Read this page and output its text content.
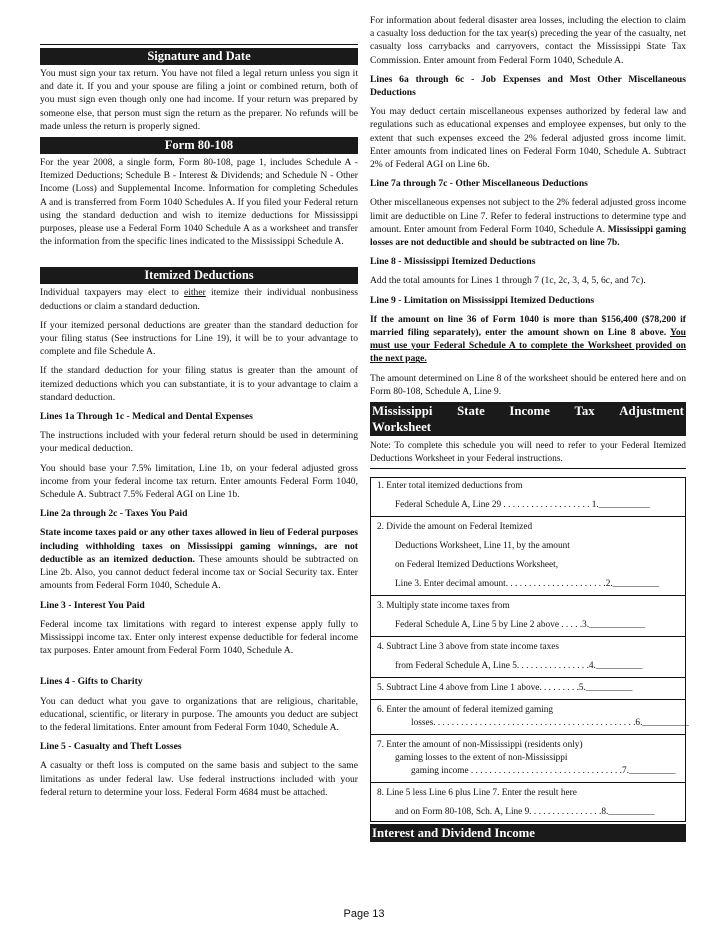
Signature and Date

You must sign your tax return. You have not filed a legal return unless you sign it and date it. If you and your spouse are filing a joint or combined return, both of you must sign even though only one had income. If your return was prepared by someone else, that person must sign the return as the preparer. No refunds will be made unless the return is properly signed.

Form 80-108

For the year 2008, a single form, Form 80-108, page 1, includes Schedule A - Itemized Deductions; Schedule B - Interest & Dividends; and Schedule N - Other Income (Loss) and Supplemental Income. Information for completing Schedules A and is transferred from Form 1040 Schedules A. If you filed your Federal return using the standard deduction and wish to itemize deductions for Mississippi purposes, please use a Federal Form 1040 Schedule A as a worksheet and transfer the information from the specific lines indicated to the Mississippi Schedule A.

Itemized Deductions

Individual taxpayers may elect to either itemize their individual nonbusiness deductions or claim a standard deduction.

If your itemized personal deductions are greater than the standard deduction for your filing status (See instructions for Line 19), it will be to your advantage to complete and file Schedule A.

If the standard deduction for your filing status is greater than the amount of itemized deductions which you can substantiate, it is to your advantage to claim a standard deduction.

Lines 1a Through 1c - Medical and Dental Expenses

The instructions included with your federal return should be used in determining your medical deduction.

You should base your 7.5% limitation, Line 1b, on your federal adjusted gross income from your federal income tax return. Enter amounts Federal Form 1040, Schedule A. Subtract 7.5% Federal AGI on Line 1b.

Line 2a through 2c - Taxes You Paid

State income taxes paid or any other taxes allowed in lieu of Federal purposes including withholding taxes on Mississippi gaming winnings, are not deductible as an itemized deduction. These amounts should be subtracted on Line 2b. Also, you cannot deduct federal income tax or Social Security tax. Enter amounts from Federal Form 1040, Schedule A.

Line 3 - Interest You Paid

Federal income tax limitations with regard to interest expense apply fully to Mississippi income tax. Enter only interest expense deductible for federal income tax purposes. Enter amount from Federal Form 1040, Schedule A.

Lines 4 - Gifts to Charity

You can deduct what you gave to organizations that are religious, charitable, educational, scientific, or literary in purpose. The amounts you deduct are subject to the federal limitations. Enter amount from Federal Form 1040, Schedule A.

Line 5 - Casualty and Theft Losses

A casualty or theft loss is computed on the same basis and subject to the same limitations as under federal law. Use federal instructions included with your federal return to determine your loss. Federal Form 4684 must be attached.

For information about federal disaster area losses, including the election to claim a casualty loss deduction for the tax year(s) preceding the year of the casualty, net casualty loss carrybacks and carryovers, contact the Mississippi State Tax Commission. Enter amount from Federal Form 1040, Schedule A.

Lines 6a through 6c - Job Expenses and Most Other Miscellaneous Deductions

You may deduct certain miscellaneous expenses authorized by federal law and regulations such as educational expenses and employee expenses, but only to the extent that such expenses exceed the 2% federal adjusted gross income limit. Enter amounts from indicated lines on Federal Form 1040, Schedule A. Subtract 2% of Federal AGI on Line 6b.

Line 7a through 7c - Other Miscellaneous Deductions

Other miscellaneous expenses not subject to the 2% federal adjusted gross income limit are deductible on Line 7. Refer to federal instructions to determine type and amount. Enter amount from Federal Form 1040, Schedule A. Mississippi gaming losses are not deductible and should be subtracted on line 7b.

Line 8 - Mississippi Itemized Deductions

Add the total amounts for Lines 1 through 7 (1c, 2c, 3, 4, 5, 6c, and 7c).

Line 9 - Limitation on Mississippi Itemized Deductions

If the amount on line 36 of Form 1040 is more than $156,400 ($78,200 if married filing separately), enter the amount shown on Line 8 above. You must use your Federal Schedule A to complete the Worksheet provided on the next page.

The amount determined on Line 8 of the worksheet should be entered here and on Form 80-108, Schedule A, Line 9.

Mississippi State Income Tax Adjustment
Worksheet

Note: To complete this schedule you will need to refer to your Federal Itemized Deductions Worksheet in your Federal instructions.

1. Enter total itemized deductions from

Federal Schedule A, Line 29 . . . . . . . . . . . . . . . . . . . 1.___________

2. Divide the amount on Federal Itemized

Deductions Worksheet, Line 11, by the amount

on Federal Itemized Deductions Worksheet,

Line 3. Enter decimal amount. . . . . . . . . . . . . . . . . . . . . .2.__________

3. Multiply state income taxes from

Federal Schedule A, Line 5 by Line 2 above . . . . .3.____________

4. Subtract Line 3 above from state income taxes

from Federal Schedule A, Line 5. . . . . . . . . . . . . . . .4.__________

5. Subtract Line 4 above from Line 1 above. . . . . . . . .5.__________

6. Enter the amount of federal itemized gaming

losses. . . . . . . . . . . . . . . . . . . . . . . . . . . . . . . . . . . . . . . . . . . .6.__________

7. Enter the amount of non-Mississippi (residents only)

gaming losses to the extent of non-Mississippi

gaming income . . . . . . . . . . . . . . . . . . . . . . . . . . . . . . . . .7.__________

8. Line 5 less Line 6 plus Line 7. Enter the result here

and on Form 80-108, Sch. A, Line 9. . . . . . . . . . . . . . . .8.__________

Interest and Dividend Income
Page 13
